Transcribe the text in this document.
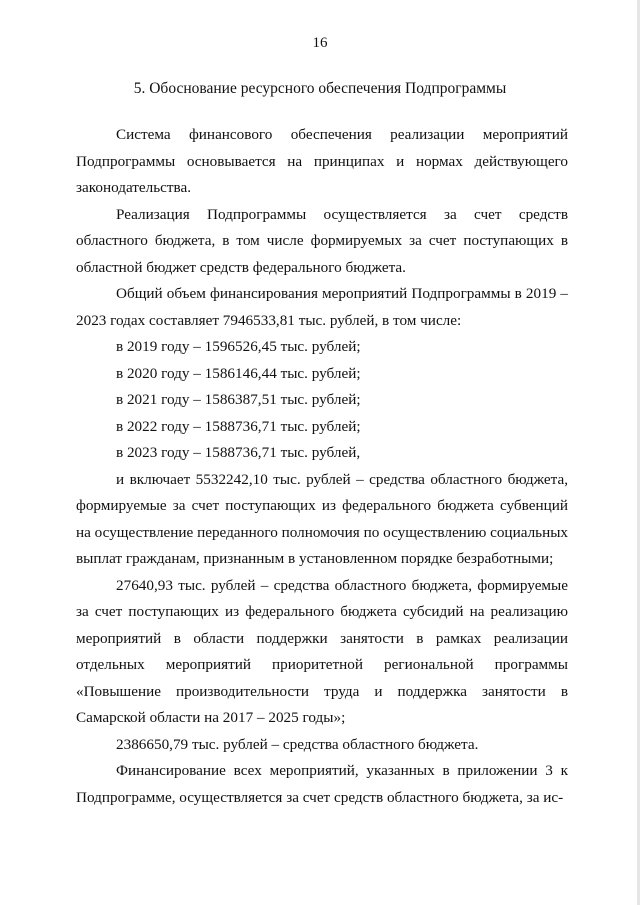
16
5. Обоснование ресурсного обеспечения Подпрограммы

Система финансового обеспечения реализации мероприятий Подпрограммы основывается на принципах и нормах действующего законодательства.

Реализация Подпрограммы осуществляется за счет средств областного бюджета, в том числе формируемых за счет поступающих в областной бюджет средств федерального бюджета.

Общий объем финансирования мероприятий Подпрограммы в 2019 – 2023 годах составляет 7946533,81 тыс. рублей, в том числе:

в 2019 году – 1596526,45 тыс. рублей;

в 2020 году – 1586146,44 тыс. рублей;

в 2021 году – 1586387,51 тыс. рублей;

в 2022 году – 1588736,71 тыс. рублей;

в 2023 году – 1588736,71 тыс. рублей,

и включает 5532242,10 тыс. рублей – средства областного бюджета, формируемые за счет поступающих из федерального бюджета субвенций на осуществление переданного полномочия по осуществлению социальных выплат гражданам, признанным в установленном порядке безработными;

27640,93 тыс. рублей – средства областного бюджета, формируемые за счет поступающих из федерального бюджета субсидий на реализацию мероприятий в области поддержки занятости в рамках реализации отдельных мероприятий приоритетной региональной программы «Повышение производительности труда и поддержка занятости в Самарской области на 2017 – 2025 годы»;

2386650,79 тыс. рублей – средства областного бюджета.

Финансирование всех мероприятий, указанных в приложении 3 к Подпрограмме, осуществляется за счет средств областного бюджета, за ис-
